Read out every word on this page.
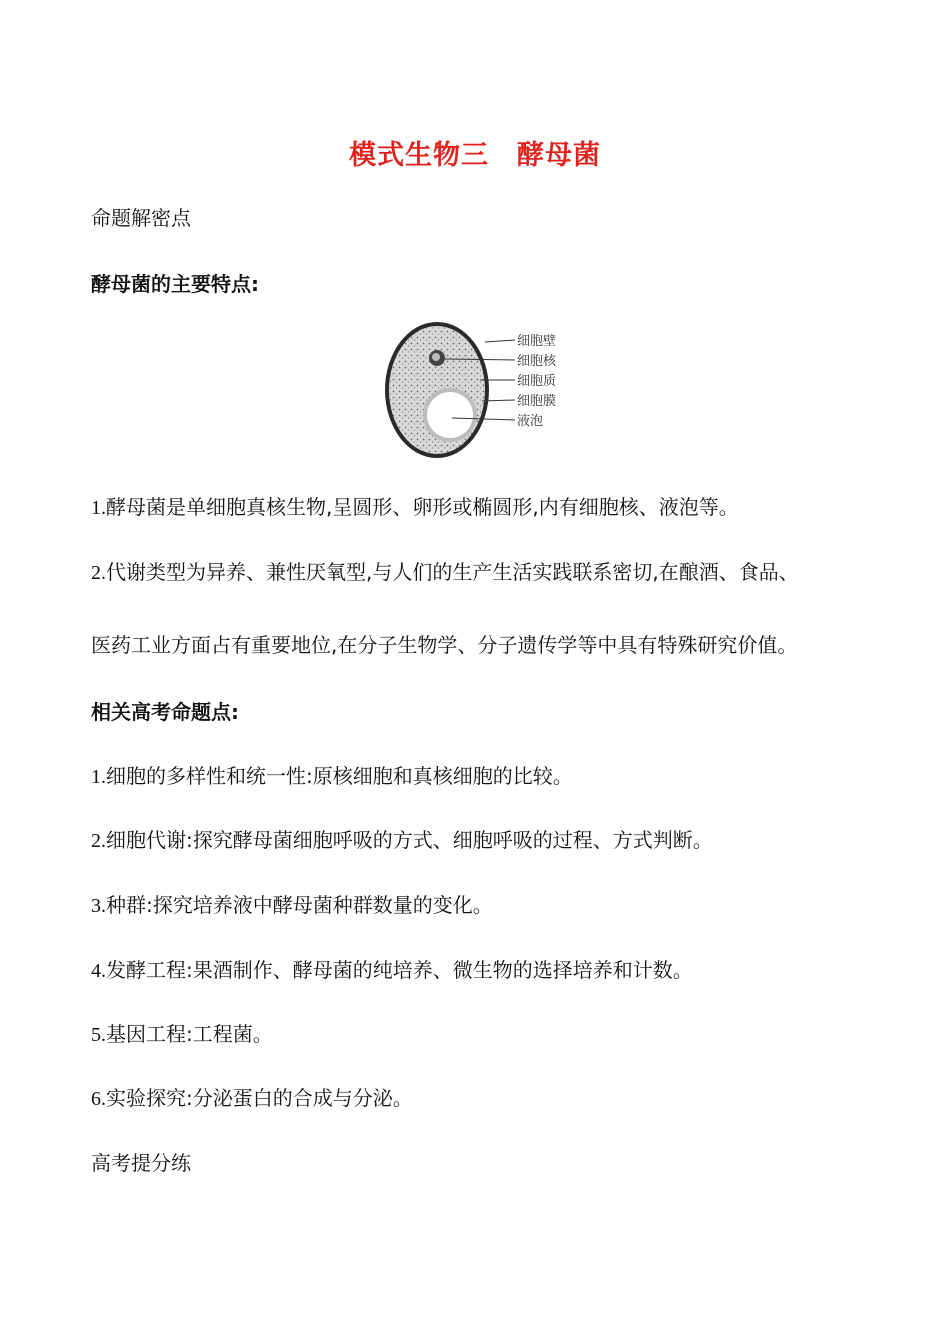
模式生物三　酵母菌
命题解密点
酵母菌的主要特点:
细胞壁
细胞核
细胞质
细胞膜
液泡
1.酵母菌是单细胞真核生物,呈圆形、卵形或椭圆形,内有细胞核、液泡等。
2.代谢类型为异养、兼性厌氧型,与人们的生产生活实践联系密切,在酿酒、食品、
医药工业方面占有重要地位,在分子生物学、分子遗传学等中具有特殊研究价值。
相关高考命题点:
1.细胞的多样性和统一性:原核细胞和真核细胞的比较。
2.细胞代谢:探究酵母菌细胞呼吸的方式、细胞呼吸的过程、方式判断。
3.种群:探究培养液中酵母菌种群数量的变化。
4.发酵工程:果酒制作、酵母菌的纯培养、微生物的选择培养和计数。
5.基因工程:工程菌。
6.实验探究:分泌蛋白的合成与分泌。
高考提分练
